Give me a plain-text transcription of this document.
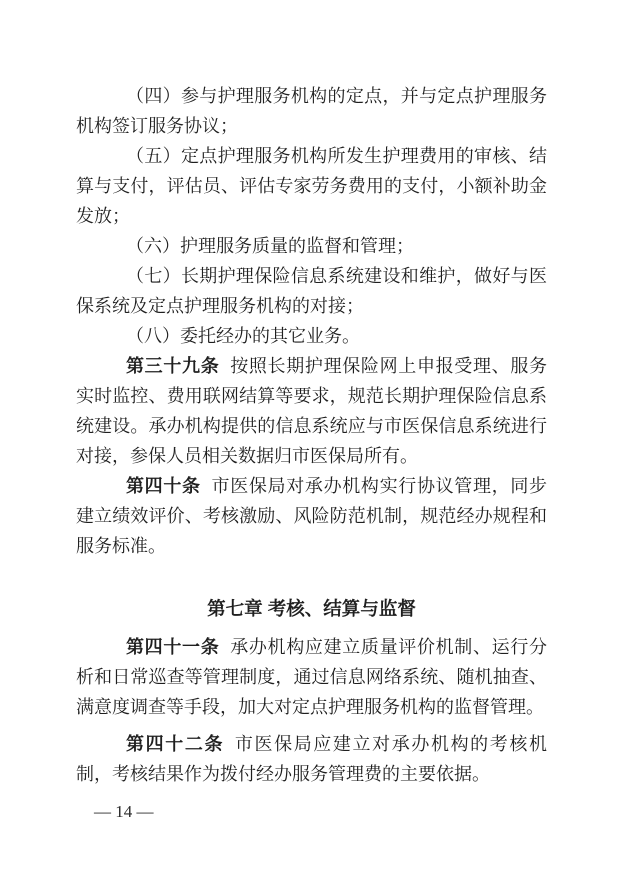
（四）参与护理服务机构的定点，并与定点护理服务机构签订服务协议；

（五）定点护理服务机构所发生护理费用的审核、结算与支付，评估员、评估专家劳务费用的支付，小额补助金发放；

（六）护理服务质量的监督和管理；

（七）长期护理保险信息系统建设和维护，做好与医保系统及定点护理服务机构的对接；

（八）委托经办的其它业务。

第三十九条 按照长期护理保险网上申报受理、服务实时监控、费用联网结算等要求，规范长期护理保险信息系统建设。承办机构提供的信息系统应与市医保信息系统进行对接，参保人员相关数据归市医保局所有。

第四十条 市医保局对承办机构实行协议管理，同步建立绩效评价、考核激励、风险防范机制，规范经办规程和服务标准。

第七章 考核、结算与监督

第四十一条 承办机构应建立质量评价机制、运行分析和日常巡查等管理制度，通过信息网络系统、随机抽查、满意度调查等手段，加大对定点护理服务机构的监督管理。

第四十二条 市医保局应建立对承办机构的考核机制，考核结果作为拨付经办服务管理费的主要依据。

— 14 —
